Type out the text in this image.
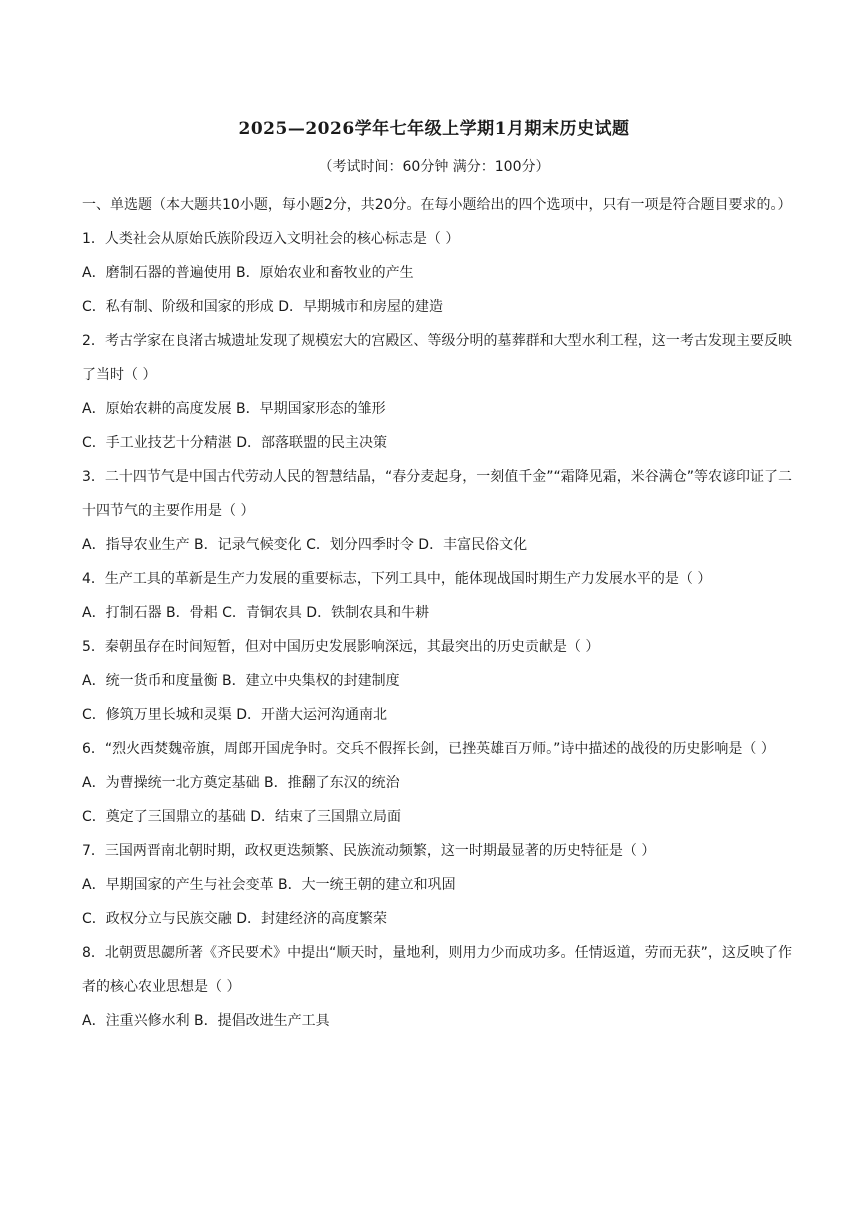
2025—2026学年七年级上学期1月期末历史试题
（考试时间：60分钟 满分：100分）

一、单选题（本大题共10小题，每小题2分，共20分。在每小题给出的四个选项中，只有一项是符合题目要求的。）

1．人类社会从原始氏族阶段迈入文明社会的核心标志是（ ）

A．磨制石器的普遍使用 B．原始农业和畜牧业的产生

C．私有制、阶级和国家的形成 D．早期城市和房屋的建造

2．考古学家在良渚古城遗址发现了规模宏大的宫殿区、等级分明的墓葬群和大型水利工程，这一考古发现主要反映了当时（ ）

A．原始农耕的高度发展 B．早期国家形态的雏形

C．手工业技艺十分精湛 D．部落联盟的民主决策

3．二十四节气是中国古代劳动人民的智慧结晶，“春分麦起身，一刻值千金”“霜降见霜，米谷满仓”等农谚印证了二十四节气的主要作用是（ ）

A．指导农业生产 B．记录气候变化 C．划分四季时令 D．丰富民俗文化

4．生产工具的革新是生产力发展的重要标志，下列工具中，能体现战国时期生产力发展水平的是（ ）

A．打制石器 B．骨耜 C．青铜农具 D．铁制农具和牛耕

5．秦朝虽存在时间短暂，但对中国历史发展影响深远，其最突出的历史贡献是（ ）

A．统一货币和度量衡 B．建立中央集权的封建制度

C．修筑万里长城和灵渠 D．开凿大运河沟通南北

6．“烈火西焚魏帝旗，周郎开国虎争时。交兵不假挥长剑，已挫英雄百万师。”诗中描述的战役的历史影响是（ ）

A．为曹操统一北方奠定基础 B．推翻了东汉的统治

C．奠定了三国鼎立的基础 D．结束了三国鼎立局面

7．三国两晋南北朝时期，政权更迭频繁、民族流动频繁，这一时期最显著的历史特征是（ ）

A．早期国家的产生与社会变革 B．大一统王朝的建立和巩固

C．政权分立与民族交融 D．封建经济的高度繁荣

8．北朝贾思勰所著《齐民要术》中提出“顺天时，量地利，则用力少而成功多。任情返道，劳而无获”，这反映了作者的核心农业思想是（ ）

A．注重兴修水利 B．提倡改进生产工具
